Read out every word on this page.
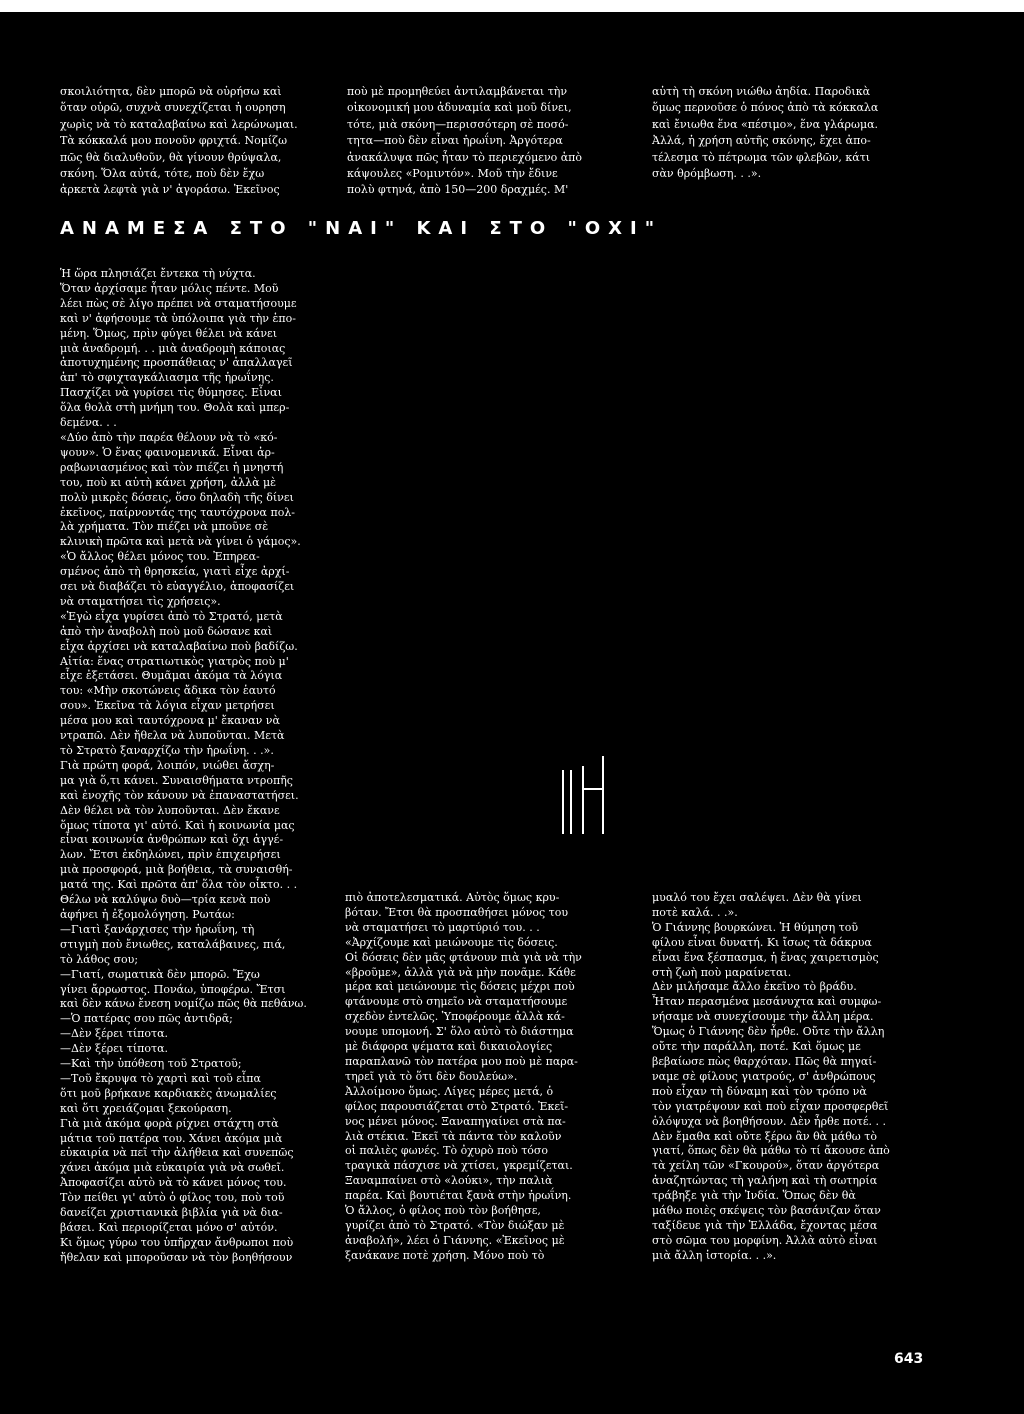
σκοιλιότητα, δὲν μπορῶ νὰ οὐρήσω καὶ

ὅταν οὐρῶ, συχνὰ συνεχίζεται ἡ ουρηση

χωρὶς νὰ τὸ καταλαβαίνω καὶ λερώνωμαι.

Τὰ κόκκαλά μου πονοῦν φριχτά. Νομίζω

πῶς θὰ διαλυθοῦν, θὰ γίνουν θρύψαλα,

σκόνη. Ὅλα αὐτά, τότε, ποὺ δὲν ἔχω

ἀρκετὰ λεφτὰ γιὰ ν' ἀγοράσω. Ἐκεῖνος

ποὺ μὲ προμηθεύει ἀντιλαμβάνεται τὴν

οἰκονομική μου ἀδυναμία καὶ μοῦ δίνει,

τότε, μιὰ σκόνη—περισσότερη σὲ ποσό-

τητα—ποὺ δὲν εἶναι ἡρωΐνη. Ἀργότερα

ἀνακάλυψα πῶς ἦταν τὸ περιεχόμενο ἀπὸ

κάψουλες «Ρομιντόν». Μοῦ τὴν ἔδινε

πολὺ φτηνά, ἀπὸ 150—200 δραχμές. Μ'

αὐτὴ τὴ σκόνη νιώθω ἀηδία. Παροδικὰ

ὅμως περνοῦσε ὁ πόνος ἀπὸ τὰ κόκκαλα

καὶ ἔνιωθα ἕνα «πέσιμο», ἕνα γλάρωμα.

Ἀλλά, ἡ χρήση αὐτῆς σκόνης, ἔχει ἀπο-

τέλεσμα τὸ πέτρωμα τῶν φλεβῶν, κάτι

σὰν θρόμβωση. . .».

ΑΝΑΜΕΣΑ ΣΤΟ "ΝΑΙ" ΚΑΙ ΣΤΟ "ΟΧΙ"

Ἡ ὥρα πλησιάζει ἔντεκα τὴ νύχτα.

Ὅταν ἀρχίσαμε ἦταν μόλις πέντε. Μοῦ

λέει πὼς σὲ λίγο πρέπει νὰ σταματήσουμε

καὶ ν' ἀφήσουμε τὰ ὑπόλοιπα γιὰ τὴν ἑπο-

μένη. Ὅμως, πρὶν φύγει θέλει νὰ κάνει

μιὰ ἀναδρομή. . . μιὰ ἀναδρομὴ κάποιας

ἀποτυχημένης προσπάθειας ν' ἀπαλλαγεῖ

ἀπ' τὸ σφιχταγκάλιασμα τῆς ἡρωΐνης.

Πασχίζει νὰ γυρίσει τὶς θύμησες. Εἶναι

ὅλα θολὰ στὴ μνήμη του. Θολὰ καὶ μπερ-

δεμένα. . .

«Δύο ἀπὸ τὴν παρέα θέλουν νὰ τὸ «κό-

ψουν». Ὁ ἕνας φαινομενικά. Εἶναι ἀρ-

ραβωνιασμένος καὶ τὸν πιέζει ἡ μνηστή

του, ποὺ κι αὐτὴ κάνει χρήση, ἀλλὰ μὲ

πολὺ μικρὲς δόσεις, ὅσο δηλαδὴ τῆς δίνει

ἐκεῖνος, παίρνοντάς της ταυτόχρονα πολ-

λὰ χρήματα. Τὸν πιέζει νὰ μποῦνε σὲ

κλινικὴ πρῶτα καὶ μετὰ νὰ γίνει ὁ γάμος».

«Ὁ ἄλλος θέλει μόνος του. Ἐπηρεα-

σμένος ἀπὸ τὴ θρησκεία, γιατὶ εἶχε ἀρχί-

σει νὰ διαβάζει τὸ εὐαγγέλιο, ἀποφασίζει

νὰ σταματήσει τὶς χρήσεις».

«Ἐγὼ εἶχα γυρίσει ἀπὸ τὸ Στρατό, μετὰ

ἀπὸ τὴν ἀναβολὴ ποὺ μοῦ δώσανε καὶ

εἶχα ἀρχίσει νὰ καταλαβαίνω ποὺ βαδίζω.

Αἰτία: ἕνας στρατιωτικὸς γιατρὸς ποὺ μ'

εἶχε ἐξετάσει. Θυμᾶμαι ἀκόμα τὰ λόγια

του: «Μὴν σκοτώνεις ἄδικα τὸν ἑαυτό

σου». Ἐκεῖνα τὰ λόγια εἶχαν μετρήσει

μέσα μου καὶ ταυτόχρονα μ' ἔκαναν νὰ

ντραπῶ. Δὲν ἤθελα νὰ λυποῦνται. Μετὰ

τὸ Στρατὸ ξαναρχίζω τὴν ἡρωΐνη. . .».

Γιὰ πρώτη φορά, λοιπόν, νιώθει ἄσχη-

μα γιὰ ὅ,τι κάνει. Συναισθήματα ντροπῆς

καὶ ἐνοχῆς τὸν κάνουν νὰ ἐπαναστατήσει.

Δὲν θέλει νὰ τὸν λυποῦνται. Δὲν ἔκανε

ὅμως τίποτα γι' αὐτό. Καὶ ἡ κοινωνία μας

εἶναι κοινωνία ἀνθρώπων καὶ ὄχι ἀγγέ-

λων. Ἔτσι ἐκδηλώνει, πρὶν ἐπιχειρήσει

μιὰ προσφορά, μιὰ βοήθεια, τὰ συναισθή-

ματά της. Καὶ πρῶτα ἀπ' ὅλα τὸν οἶκτο. . .

Θέλω νὰ καλύψω δυὸ—τρία κενὰ ποὺ

ἀφήνει ἡ ἐξομολόγηση. Ρωτάω:

—Γιατὶ ξανάρχισες τὴν ἡρωΐνη, τὴ

στιγμὴ ποὺ ἔνιωθες, καταλάβαινες, πιά,

τὸ λάθος σου;

—Γιατί, σωματικὰ δὲν μπορῶ. Ἔχω

γίνει ἄρρωστος. Πονάω, ὑποφέρω. Ἔτσι

καὶ δὲν κάνω ἔνεση νομίζω πῶς θὰ πεθάνω.

—Ὁ πατέρας σου πῶς ἀντιδρᾶ;

—Δὲν ξέρει τίποτα.

—Δὲν ξέρει τίποτα.

—Καὶ τὴν ὑπόθεση τοῦ Στρατοῦ;

—Τοῦ ἔκρυψα τὸ χαρτὶ καὶ τοῦ εἶπα

ὅτι μοῦ βρήκανε καρδιακὲς ἀνωμαλίες

καὶ ὅτι χρειάζομαι ξεκούραση.

Γιὰ μιὰ ἀκόμα φορὰ ρίχνει στάχτη στὰ

μάτια τοῦ πατέρα του. Χάνει ἀκόμα μιὰ

εὐκαιρία νὰ πεῖ τὴν ἀλήθεια καὶ συνεπῶς

χάνει ἀκόμα μιὰ εὐκαιρία γιὰ νὰ σωθεῖ.

Ἀποφασίζει αὐτὸ νὰ τὸ κάνει μόνος του.

Τὸν πείθει γι' αὐτὸ ὁ φίλος του, ποὺ τοῦ

δανείζει χριστιανικὰ βιβλία γιὰ νὰ δια-

βάσει. Καὶ περιορίζεται μόνο σ' αὐτόν.

Κι ὅμως γύρω του ὑπῆρχαν ἄνθρωποι ποὺ

ἤθελαν καὶ μποροῦσαν νὰ τὸν βοηθήσουν

πιὸ ἀποτελεσματικά. Αὐτὸς ὅμως κρυ-

βόταν. Ἔτσι θὰ προσπαθήσει μόνος του

νὰ σταματήσει τὸ μαρτύριό του. . .

«Ἀρχίζουμε καὶ μειώνουμε τὶς δόσεις.

Οἱ δόσεις δὲν μᾶς φτάνουν πιὰ γιὰ νὰ τὴν

«βροῦμε», ἀλλὰ γιὰ νὰ μὴν πονᾶμε. Κάθε

μέρα καὶ μειώνουμε τὶς δόσεις μέχρι ποὺ

φτάνουμε στὸ σημεῖο νὰ σταματήσουμε

σχεδὸν ἐντελῶς. Ὑποφέρουμε ἀλλὰ κά-

νουμε υπομονή. Σ' ὅλο αὐτὸ τὸ διάστημα

μὲ διάφορα ψέματα καὶ δικαιολογίες

παραπλανῶ τὸν πατέρα μου ποὺ μὲ παρα-

τηρεῖ γιὰ τὸ ὅτι δὲν δουλεύω».

Ἀλλοίμονο ὅμως. Λίγες μέρες μετά, ὁ

φίλος παρουσιάζεται στὸ Στρατό. Ἐκεῖ-

νος μένει μόνος. Ξαναπηγαίνει στὰ πα-

λιὰ στέκια. Ἐκεῖ τὰ πάντα τὸν καλοῦν

οἱ παλιὲς φωνές. Τὸ ὀχυρὸ ποὺ τόσο

τραγικὰ πάσχισε νὰ χτίσει, γκρεμίζεται.

Ξαναμπαίνει στὸ «λούκι», τὴν παλιὰ

παρέα. Καὶ βουτιέται ξανὰ στὴν ἡρωΐνη.

Ὁ ἄλλος, ὁ φίλος ποὺ τὸν βοήθησε,

γυρίζει ἀπὸ τὸ Στρατό. «Τὸν διώξαν μὲ

ἀναβολή», λέει ὁ Γιάννης. «Ἐκεῖνος μὲ

ξανάκανε ποτὲ χρήση. Μόνο ποὺ τὸ

μυαλό του ἔχει σαλέψει. Δὲν θὰ γίνει

ποτὲ καλά. . .».

Ὁ Γιάννης βουρκώνει. Ἡ θύμηση τοῦ

φίλου εἶναι δυνατή. Κι ἴσως τὰ δάκρυα

εἶναι ἕνα ξέσπασμα, ἡ ἕνας χαιρετισμὸς

στὴ ζωὴ ποὺ μαραίνεται.

Δὲν μιλήσαμε ἄλλο ἐκεῖνο τὸ βράδυ.

Ἦταν περασμένα μεσάνυχτα καὶ συμφω-

νήσαμε νὰ συνεχίσουμε τὴν ἄλλη μέρα.

Ὅμως ὁ Γιάννης δὲν ἦρθε. Οὔτε τὴν ἄλλη

οὔτε τὴν παράλλη, ποτέ. Καὶ ὅμως με

βεβαίωσε πὼς θαρχόταν. Πῶς θὰ πηγαί-

ναμε σὲ φίλους γιατρούς, σ' ἀνθρώπους

ποὺ εἶχαν τὴ δύναμη καὶ τὸν τρόπο νὰ

τὸν γιατρέψουν καὶ ποὺ εἶχαν προσφερθεῖ

ὁλόψυχα νὰ βοηθήσουν. Δὲν ἦρθε ποτέ. . .

Δὲν ἔμαθα καὶ οὔτε ξέρω ἂν θὰ μάθω τὸ

γιατί, ὅπως δὲν θὰ μάθω τὸ τί ἄκουσε ἀπὸ

τὰ χείλη τῶν «Γκουρού», ὅταν ἀργότερα

ἀναζητώντας τὴ γαλήνη καὶ τὴ σωτηρία

τράβηξε γιὰ τὴν Ἰνδία. Ὅπως δὲν θὰ

μάθω ποιὲς σκέψεις τὸν βασάνιζαν ὅταν

ταξίδευε γιὰ τὴν Ἑλλάδα, ἔχοντας μέσα

στὸ σῶμα του μορφίνη. Ἀλλὰ αὐτὸ εἶναι

μιὰ ἄλλη ἱστορία. . .».

643
